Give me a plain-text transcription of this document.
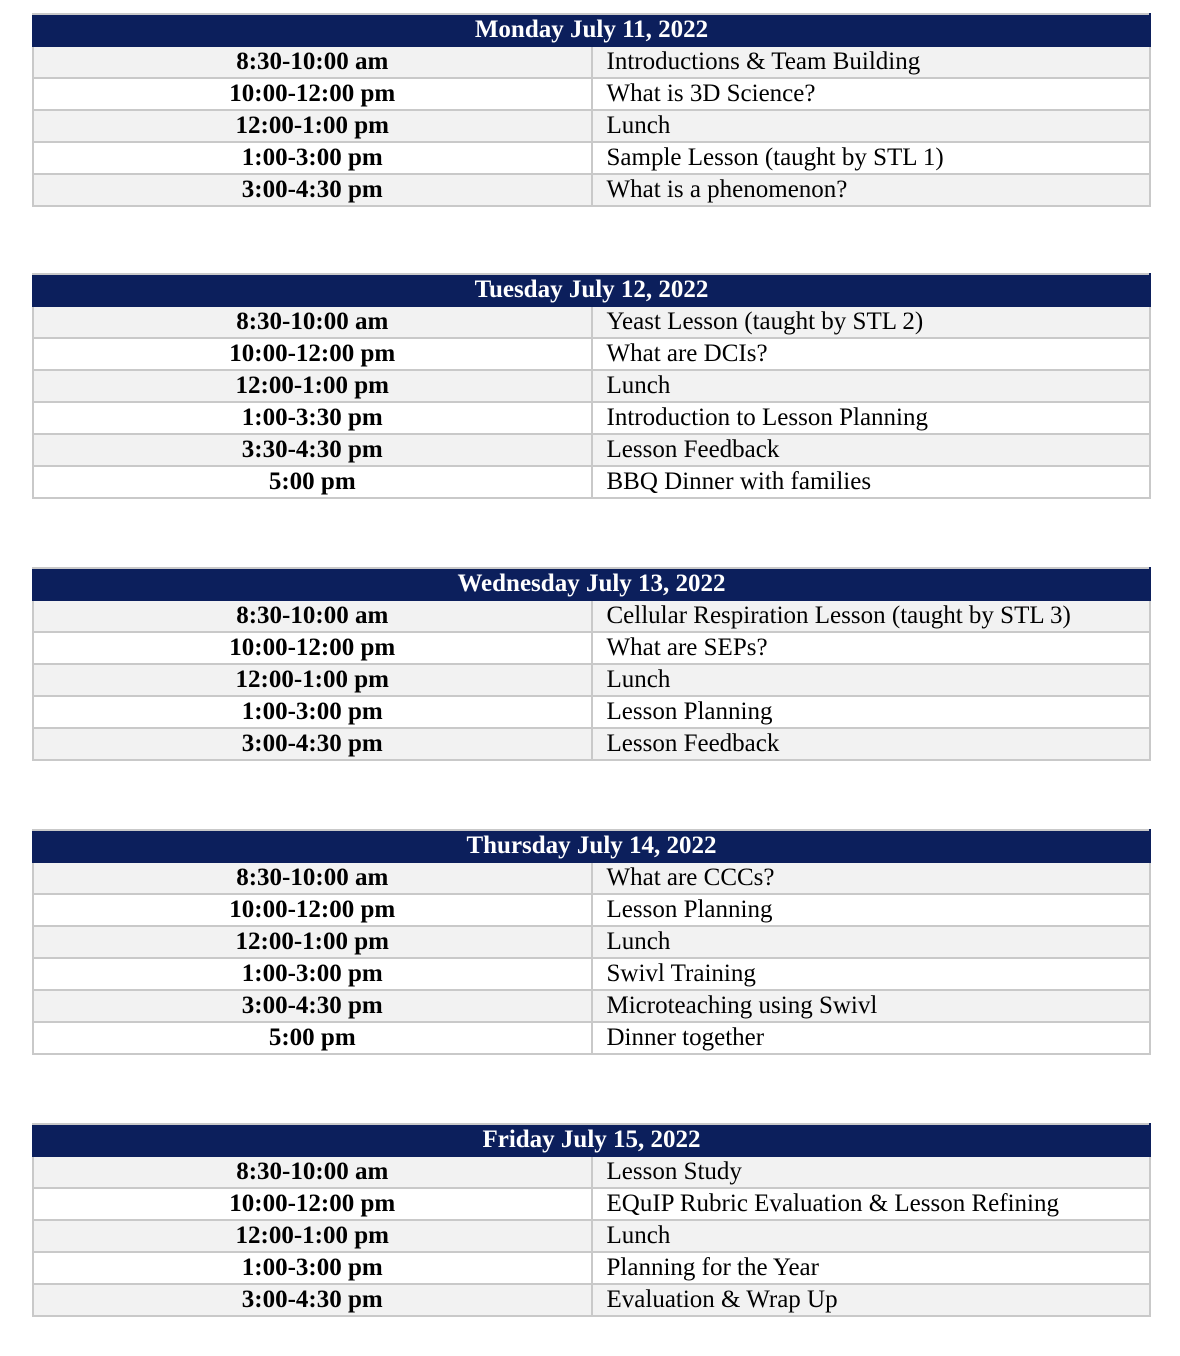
Monday July 11, 2022	
8:30-10:00 am	Introductions & Team Building
10:00-12:00 pm	What is 3D Science?
12:00-1:00 pm	Lunch
1:00-3:00 pm	Sample Lesson (taught by STL 1)
3:00-4:30 pm	What is a phenomenon?
Tuesday July 12, 2022	
8:30-10:00 am	Yeast Lesson (taught by STL 2)
10:00-12:00 pm	What are DCIs?
12:00-1:00 pm	Lunch
1:00-3:30 pm	Introduction to Lesson Planning
3:30-4:30 pm	Lesson Feedback
5:00 pm	BBQ Dinner with families
Wednesday July 13, 2022	
8:30-10:00 am	Cellular Respiration Lesson (taught by STL 3)
10:00-12:00 pm	What are SEPs?
12:00-1:00 pm	Lunch
1:00-3:00 pm	Lesson Planning
3:00-4:30 pm	Lesson Feedback
Thursday July 14, 2022	
8:30-10:00 am	What are CCCs?
10:00-12:00 pm	Lesson Planning
12:00-1:00 pm	Lunch
1:00-3:00 pm	Swivl Training
3:00-4:30 pm	Microteaching using Swivl
5:00 pm	Dinner together
Friday July 15, 2022	
8:30-10:00 am	Lesson Study
10:00-12:00 pm	EQuIP Rubric Evaluation & Lesson Refining
12:00-1:00 pm	Lunch
1:00-3:00 pm	Planning for the Year
3:00-4:30 pm	Evaluation & Wrap Up
